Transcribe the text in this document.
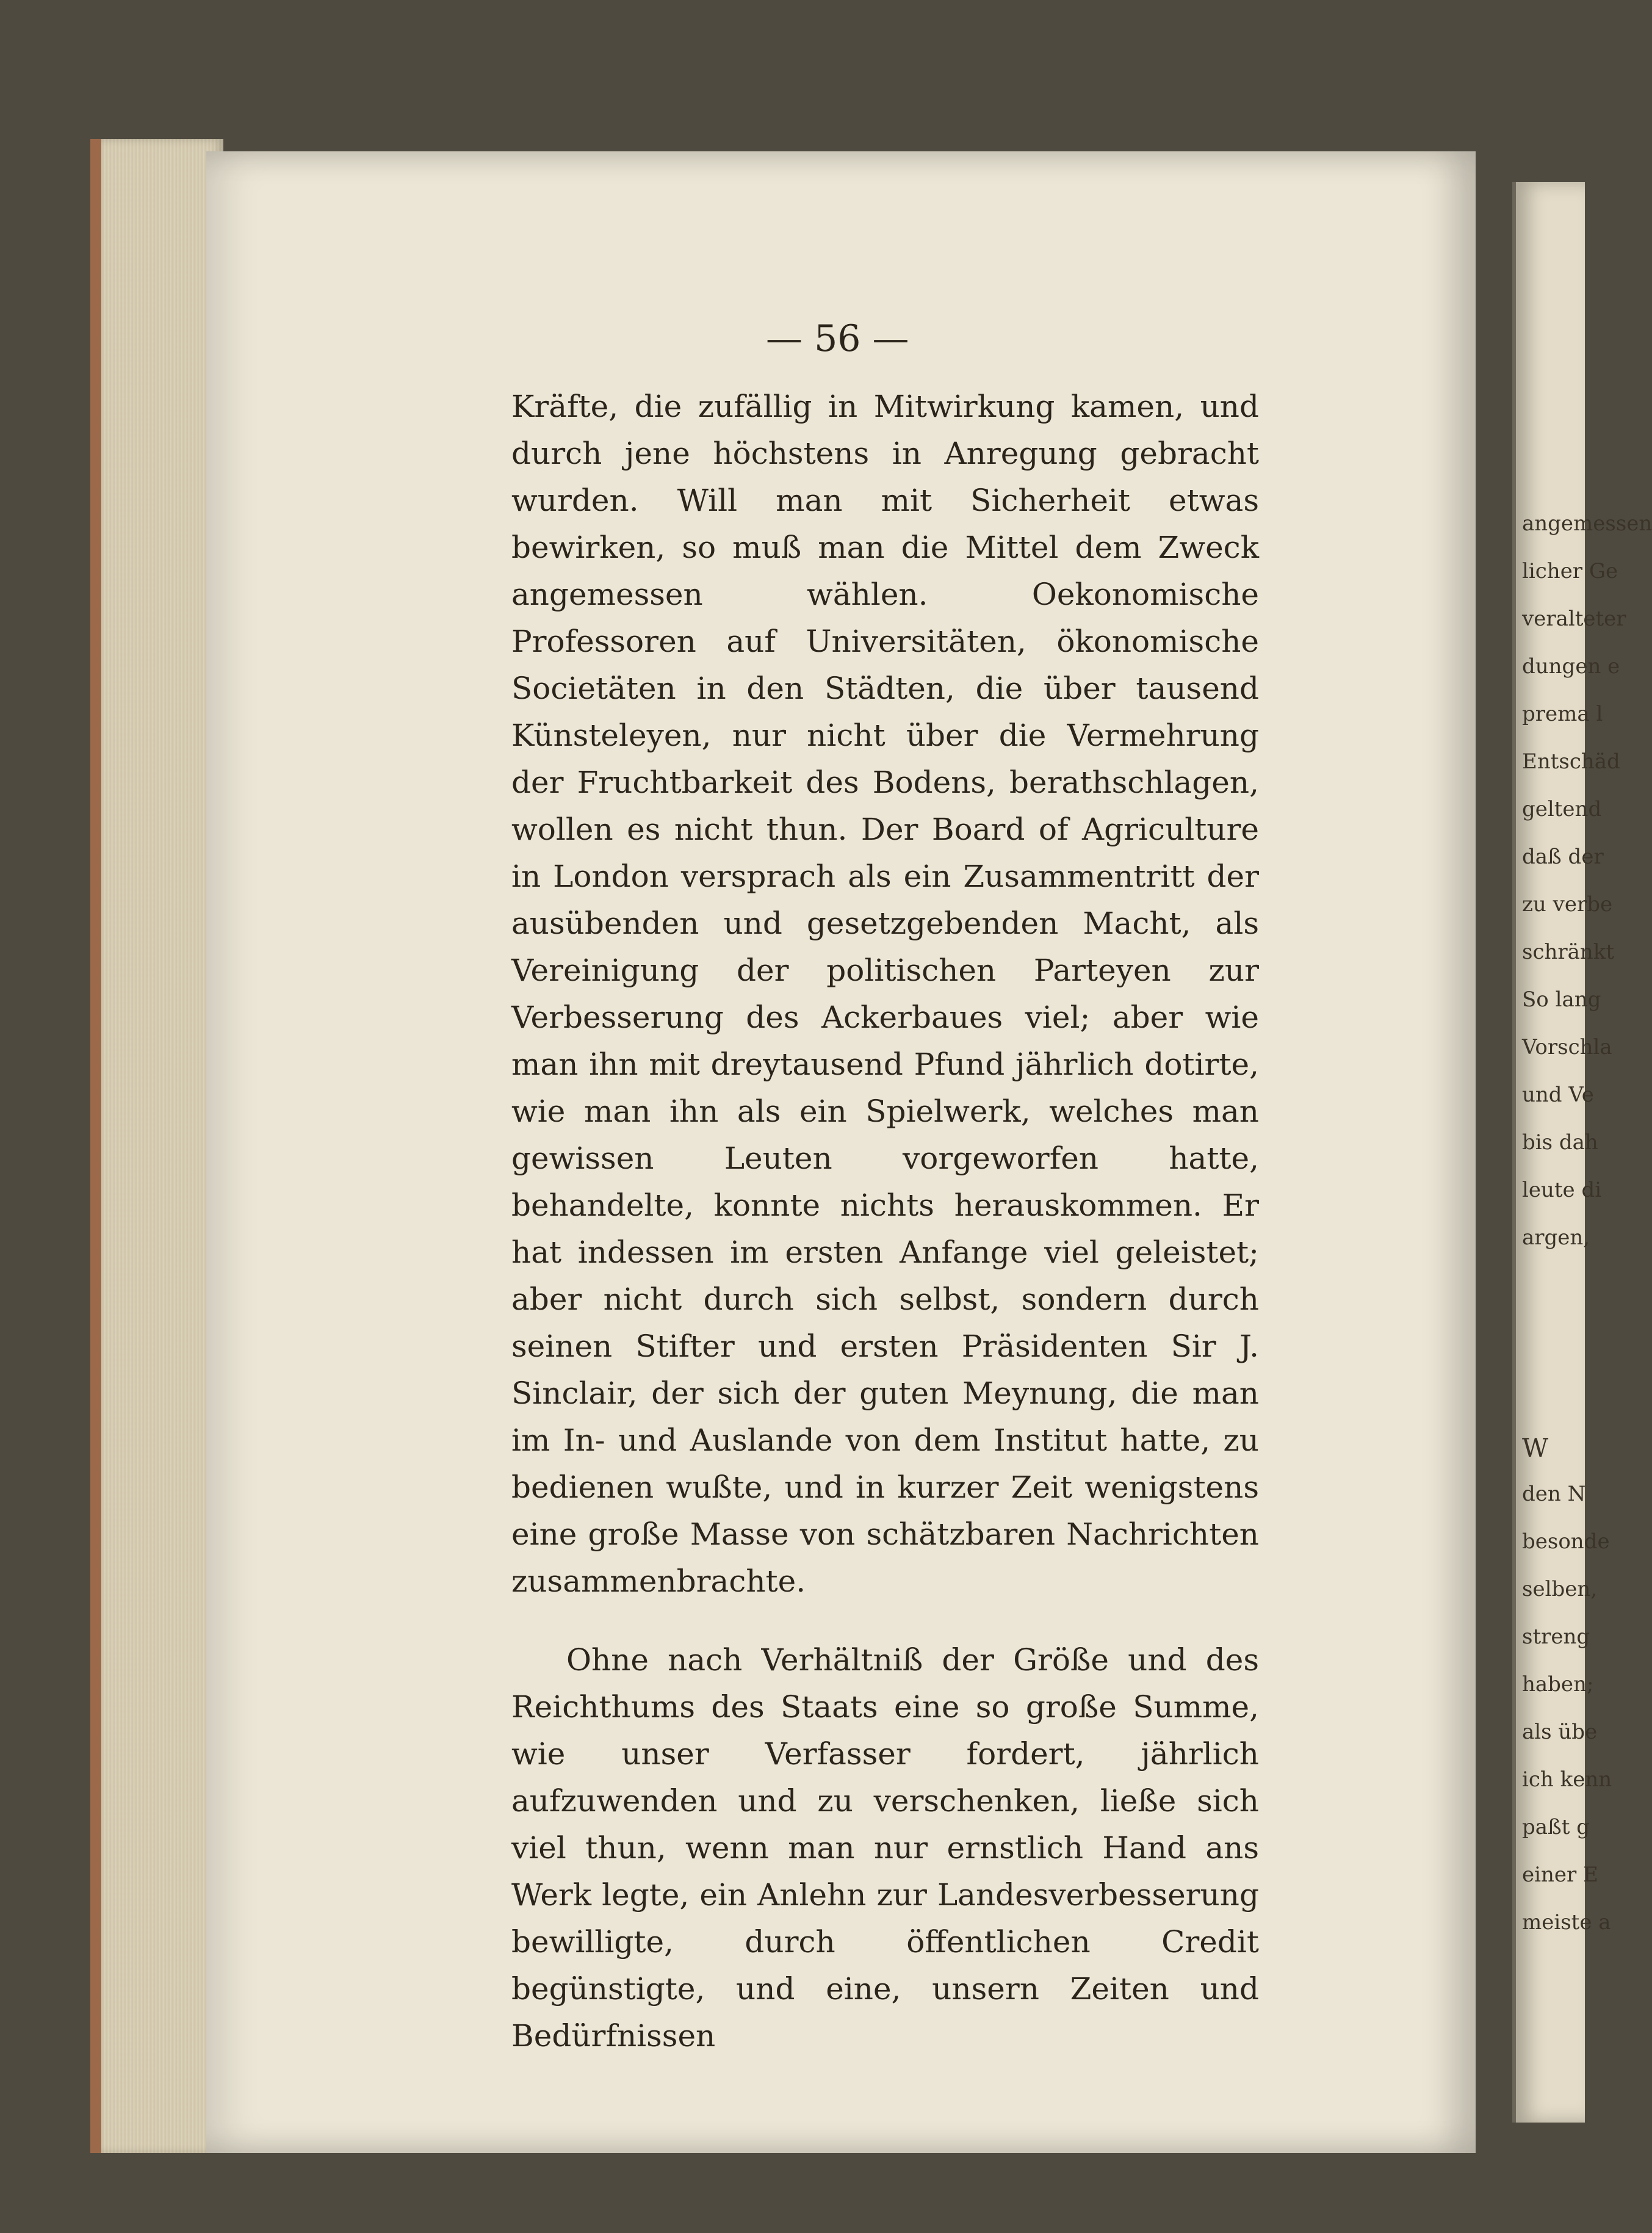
angemessen
licher Ge
veralteter
dungen e
prema l
Entschäd
geltend
daß der
zu verbe
schränkt
So lang
Vorschla
und Ve
bis dah
leute di
argen,
W
den N
besonde
selben,
streng
haben;
als übe
ich kenn
paßt g
einer E
meiste a
— 56 —

Kräfte, die zufällig in Mitwirkung kamen, und durch jene höchstens in Anregung gebracht wurden. Will man mit Sicherheit etwas bewirken, so muß man die Mittel dem Zweck angemessen wählen. Oekonomische Professoren auf Universitäten, ökonomische Societäten in den Städten, die über tausend Künsteleyen, nur nicht über die Vermehrung der Fruchtbarkeit des Bodens, berathschlagen, wollen es nicht thun. Der Board of Agriculture in London versprach als ein Zusammentritt der ausübenden und gesetzgebenden Macht, als Vereinigung der politischen Parteyen zur Verbesserung des Ackerbaues viel; aber wie man ihn mit dreytausend Pfund jährlich dotirte, wie man ihn als ein Spielwerk, welches man gewissen Leuten vorgeworfen hatte, behandelte, konnte nichts herauskommen. Er hat indessen im ersten Anfange viel geleistet; aber nicht durch sich selbst, sondern durch seinen Stifter und ersten Präsidenten Sir J. Sinclair, der sich der guten Meynung, die man im In- und Auslande von dem Institut hatte, zu bedienen wußte, und in kurzer Zeit wenigstens eine große Masse von schätzbaren Nachrichten zusammenbrachte.

Ohne nach Verhältniß der Größe und des Reichthums des Staats eine so große Summe, wie unser Verfasser fordert, jährlich aufzuwenden und zu verschenken, ließe sich viel thun, wenn man nur ernstlich Hand ans Werk legte, ein Anlehn zur Landesverbesserung bewilligte, durch öffentlichen Credit begünstigte, und eine, unsern Zeiten und Bedürfnissen
